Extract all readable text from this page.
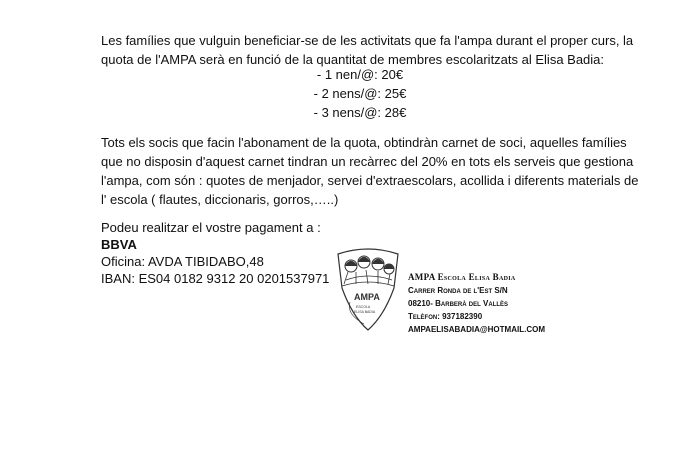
Les famílies que vulguin beneficiar-se de les activitats que fa l'ampa durant el proper curs, la quota de l'AMPA serà en funció de la quantitat de membres escolaritzats al Elisa Badia:

- 1 nen/@: 20€
- 2 nens/@: 25€
- 3 nens/@: 28€

Tots els socis que facin l'abonament de la quota, obtindràn carnet de soci, aquelles famílies que no disposin d'aquest carnet tindran un recàrrec del 20% en tots els serveis que gestiona l'ampa, com són : quotes de menjador, servei d'extraescolars, acollida i diferents materials de l' escola ( flautes, diccionaris, gorros,…..)

Podeu realitzar el vostre pagament a :
BBVA
Oficina: AVDA TIBIDABO,48
IBAN: ES04 0182 9312 20 0201537971
AMPA
ESCOLA
ELISA BADIA
AMPA Escola Elisa Badia
Carrer Ronda de l'Est S/N
08210- Barberà del Vallès
Telèfon: 937182390
AMPAELISABADIA@HOTMAIL.COM
